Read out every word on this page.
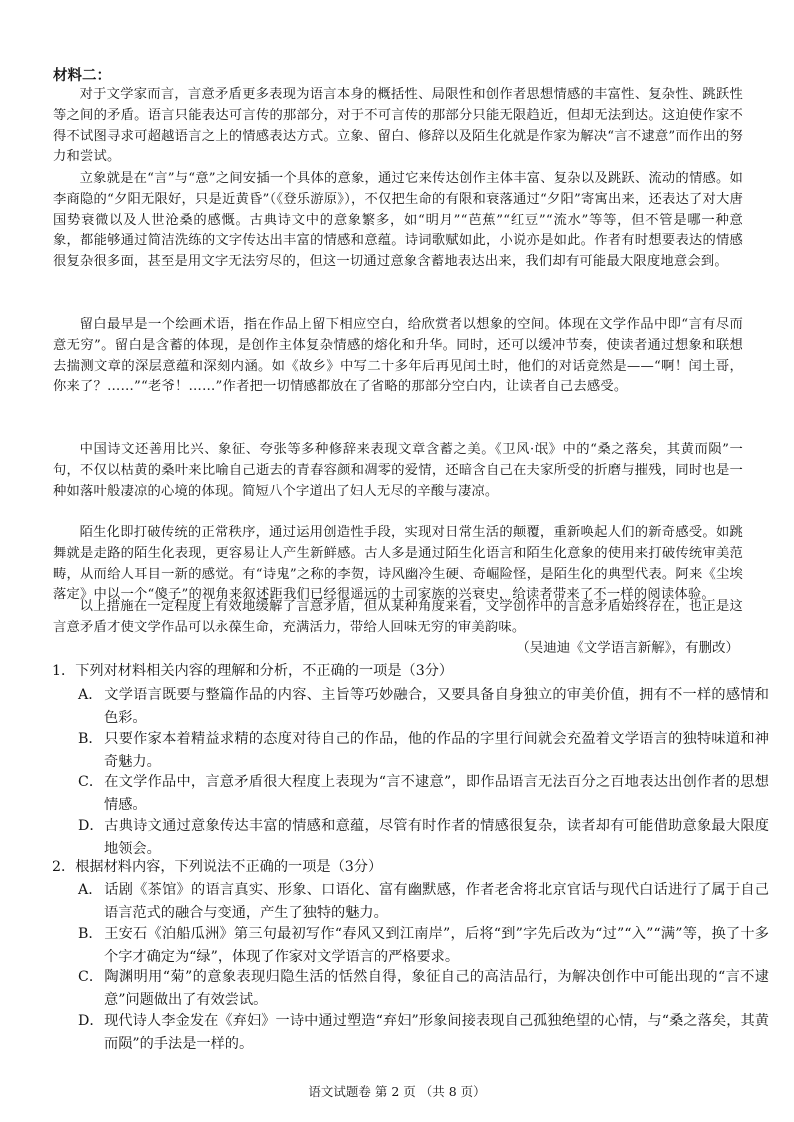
材料二：

对于文学家而言，言意矛盾更多表现为语言本身的概括性、局限性和创作者思想情感的丰富性、复杂性、跳跃性等之间的矛盾。语言只能表达可言传的那部分，对于不可言传的那部分只能无限趋近，但却无法到达。这迫使作家不得不试图寻求可超越语言之上的情感表达方式。立象、留白、修辞以及陌生化就是作家为解决“言不逮意”而作出的努力和尝试。

立象就是在“言”与“意”之间安插一个具体的意象，通过它来传达创作主体丰富、复杂以及跳跃、流动的情感。如李商隐的“夕阳无限好，只是近黄昏”（《登乐游原》），不仅把生命的有限和衰落通过“夕阳”寄寓出来，还表达了对大唐国势衰微以及人世沧桑的感慨。古典诗文中的意象繁多，如“明月”“芭蕉”“红豆”“流水”等等，但不管是哪一种意象，都能够通过简洁洗练的文字传达出丰富的情感和意蕴。诗词歌赋如此，小说亦是如此。作者有时想要表达的情感很复杂很多面，甚至是用文字无法穷尽的，但这一切通过意象含蓄地表达出来，我们却有可能最大限度地意会到。

留白最早是一个绘画术语，指在作品上留下相应空白，给欣赏者以想象的空间。体现在文学作品中即“言有尽而意无穷”。留白是含蓄的体现，是创作主体复杂情感的熔化和升华。同时，还可以缓冲节奏，使读者通过想象和联想去揣测文章的深层意蕴和深刻内涵。如《故乡》中写二十多年后再见闰土时，他们的对话竟然是——“啊！闰土哥，你来了？……”“老爷！……”作者把一切情感都放在了省略的那部分空白内，让读者自己去感受。

中国诗文还善用比兴、象征、夸张等多种修辞来表现文章含蓄之美。《卫风·氓》中的“桑之落矣，其黄而陨”一句，不仅以枯黄的桑叶来比喻自己逝去的青春容颜和凋零的爱情，还暗含自己在夫家所受的折磨与摧残，同时也是一种如落叶般凄凉的心境的体现。简短八个字道出了妇人无尽的辛酸与凄凉。

陌生化即打破传统的正常秩序，通过运用创造性手段，实现对日常生活的颠覆，重新唤起人们的新奇感受。如跳舞就是走路的陌生化表现，更容易让人产生新鲜感。古人多是通过陌生化语言和陌生化意象的使用来打破传统审美范畴，从而给人耳目一新的感觉。有“诗鬼”之称的李贺，诗风幽冷生硬、奇崛险怪，是陌生化的典型代表。阿来《尘埃落定》中以一个“傻子”的视角来叙述距我们已经很遥远的土司家族的兴衰史，给读者带来了不一样的阅读体验。

以上措施在一定程度上有效地缓解了言意矛盾，但从某种角度来看，文学创作中的言意矛盾始终存在，也正是这言意矛盾才使文学作品可以永葆生命，充满活力，带给人回味无穷的审美韵味。

（吴迪迪《文学语言新解》，有删改）
1．下列对材料相关内容的理解和分析，不正确的一项是（3分）
A． 文学语言既要与整篇作品的内容、主旨等巧妙融合，又要具备自身独立的审美价值，拥有不一样的感情和色彩。
B．只要作家本着精益求精的态度对待自己的作品，他的作品的字里行间就会充盈着文学语言的独特味道和神奇魅力。
C．在文学作品中，言意矛盾很大程度上表现为“言不逮意”，即作品语言无法百分之百地表达出创作者的思想情感。
D．古典诗文通过意象传达丰富的情感和意蕴，尽管有时作者的情感很复杂，读者却有可能借助意象最大限度地领会。
2．根据材料内容，下列说法不正确的一项是（3分）
A． 话剧《茶馆》的语言真实、形象、口语化、富有幽默感，作者老舍将北京官话与现代白话进行了属于自己语言范式的融合与变通，产生了独特的魅力。
B．王安石《泊船瓜洲》第三句最初写作“春风又到江南岸”，后将“到”字先后改为“过”“入”“满”等，换了十多个字才确定为“绿”，体现了作家对文学语言的严格要求。
C．陶渊明用“菊”的意象表现归隐生活的恬然自得，象征自己的高洁品行，为解决创作中可能出现的“言不逮意”问题做出了有效尝试。
D．现代诗人李金发在《弃妇》一诗中通过塑造“弃妇”形象间接表现自己孤独绝望的心情，与“桑之落矣，其黄而陨”的手法是一样的。
语文试题卷 第 2 页 （共 8 页）
